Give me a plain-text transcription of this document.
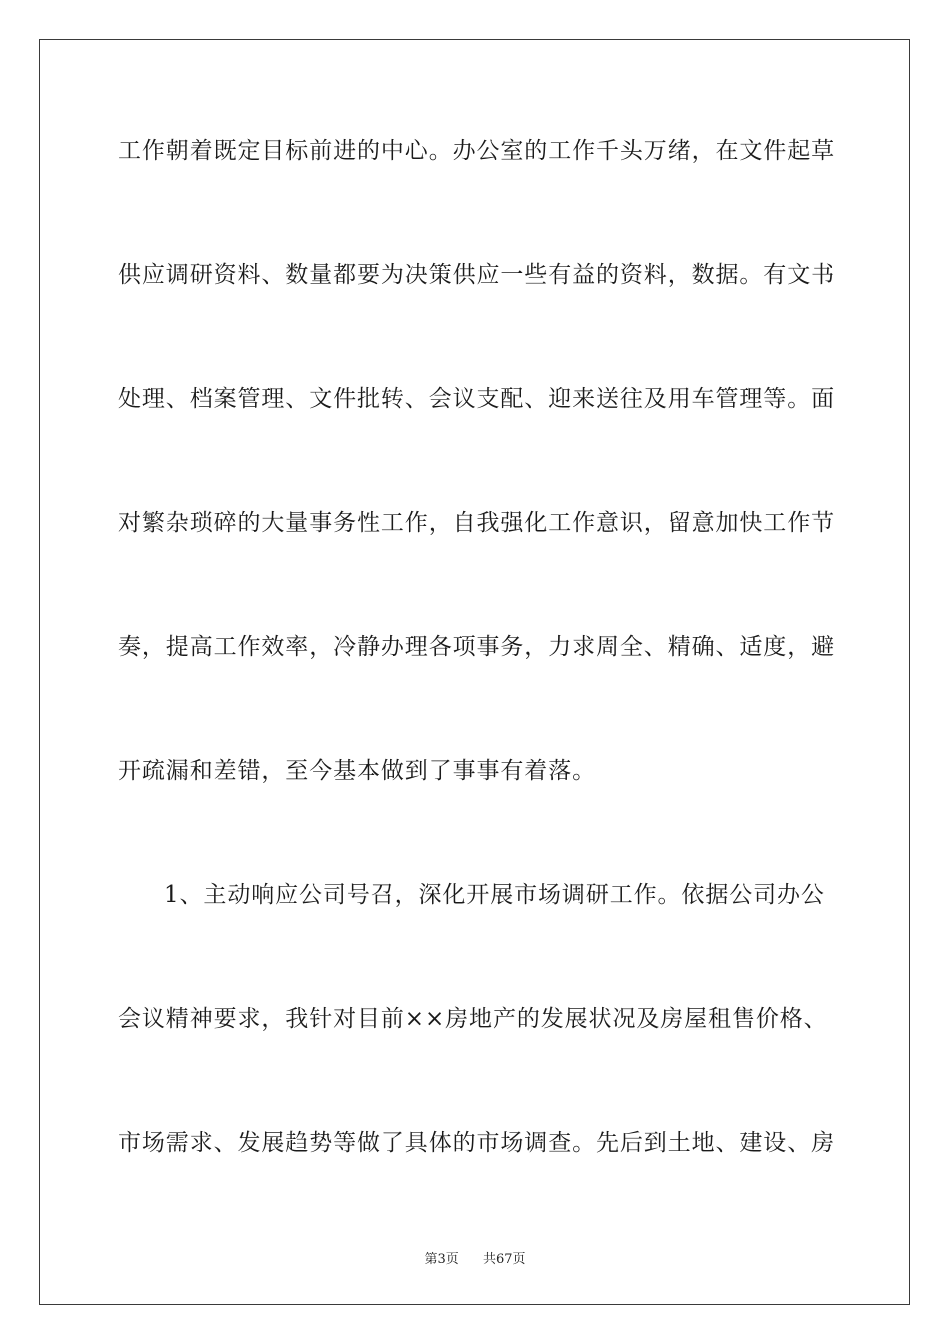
工作朝着既定目标前进的中心。办公室的工作千头万绪，在文件起草

供应调研资料、数量都要为决策供应一些有益的资料，数据。有文书

处理、档案管理、文件批转、会议支配、迎来送往及用车管理等。面

对繁杂琐碎的大量事务性工作，自我强化工作意识，留意加快工作节

奏，提高工作效率，冷静办理各项事务，力求周全、精确、适度，避

开疏漏和差错，至今基本做到了事事有着落。

1、主动响应公司号召，深化开展市场调研工作。依据公司办公

会议精神要求，我针对目前××房地产的发展状况及房屋租售价格、

市场需求、发展趋势等做了具体的市场调查。先后到土地、建设、房

第3页 共67页
